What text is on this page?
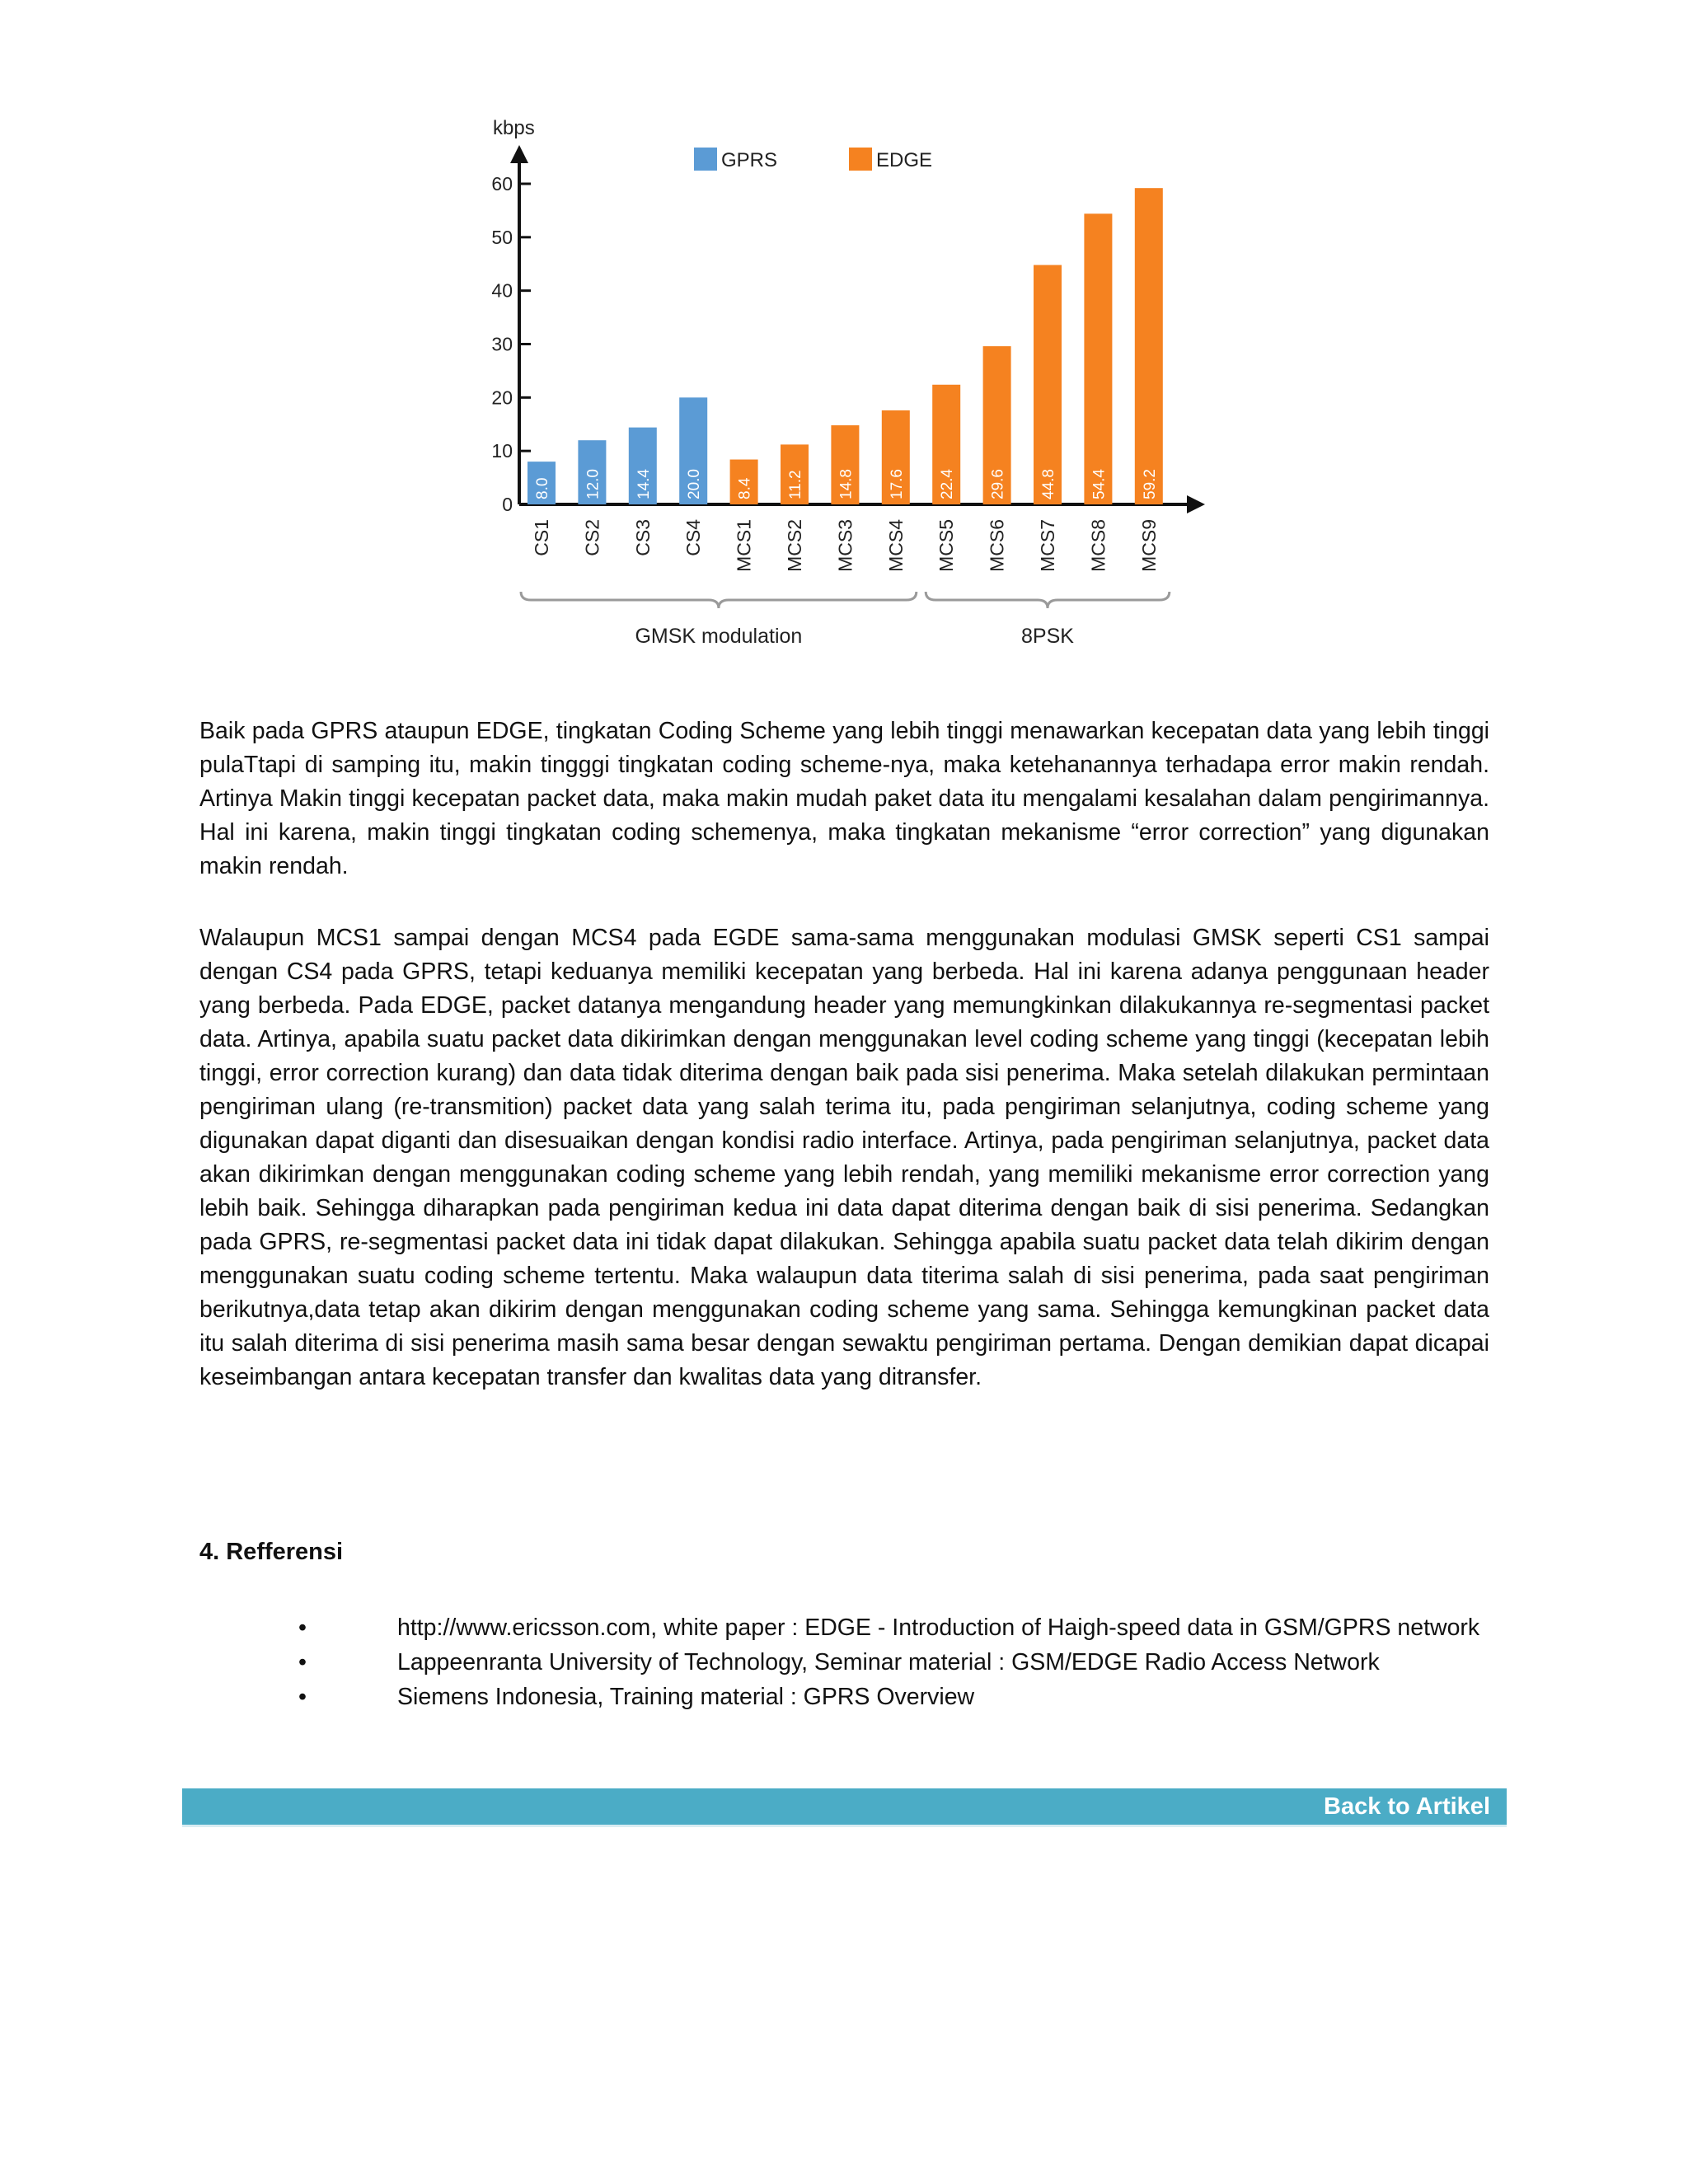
kbps
0
10
20
30
40
50
60
GPRS	EDGE
8.0
CS1
12.0
CS2
14.4
CS3
20.0
CS4
8.4
MCS1
11.2
MCS2
14.8
MCS3
17.6
MCS4
22.4
MCS5
29.6
MCS6
44.8
MCS7
54.4
MCS8
59.2
MCS9
GMSK modulation	8PSK

Baik pada GPRS ataupun EDGE, tingkatan Coding Scheme yang lebih tinggi menawarkan kecepatan data yang lebih tinggi pulaTtapi di samping itu, makin tingggi tingkatan coding scheme-nya, maka ketehanannya terhadapa error makin rendah. Artinya Makin tinggi kecepatan packet data, maka makin mudah paket data itu mengalami kesalahan dalam pengirimannya. Hal ini karena, makin tinggi tingkatan coding schemenya, maka tingkatan mekanisme “error correction” yang digunakan makin rendah.

Walaupun MCS1 sampai dengan MCS4 pada EGDE sama-sama menggunakan modulasi GMSK seperti CS1 sampai dengan CS4 pada GPRS, tetapi keduanya memiliki kecepatan yang berbeda. Hal ini karena adanya penggunaan header yang berbeda. Pada EDGE, packet datanya mengandung header yang memungkinkan dilakukannya re-segmentasi packet data. Artinya, apabila suatu packet data dikirimkan dengan menggunakan level coding scheme yang tinggi (kecepatan lebih tinggi, error correction kurang) dan data tidak diterima dengan baik pada sisi penerima. Maka setelah dilakukan permintaan pengiriman ulang (re-transmition) packet data yang salah terima itu, pada pengiriman selanjutnya, coding scheme yang digunakan dapat diganti dan disesuaikan dengan kondisi radio interface. Artinya, pada pengiriman selanjutnya, packet data akan dikirimkan dengan menggunakan coding scheme yang lebih rendah, yang memiliki mekanisme error correction yang lebih baik. Sehingga diharapkan pada pengiriman kedua ini data dapat diterima dengan baik di sisi penerima. Sedangkan pada GPRS, re-segmentasi packet data ini tidak dapat dilakukan. Sehingga apabila suatu packet data telah dikirim dengan menggunakan suatu coding scheme tertentu. Maka walaupun data titerima salah di sisi penerima, pada saat pengiriman berikutnya,data tetap akan dikirim dengan menggunakan coding scheme yang sama. Sehingga kemungkinan packet data itu salah diterima di sisi penerima masih sama besar dengan sewaktu pengiriman pertama. Dengan demikian dapat dicapai keseimbangan antara kecepatan transfer dan kwalitas data yang ditransfer.

4. Refferensi
•	http://www.ericsson.com, white paper : EDGE - Introduction of Haigh-speed data in GSM/GPRS network
•	Lappeenranta University of Technology, Seminar material : GSM/EDGE Radio Access Network
•	Siemens Indonesia, Training material : GPRS Overview
Back to Artikel
